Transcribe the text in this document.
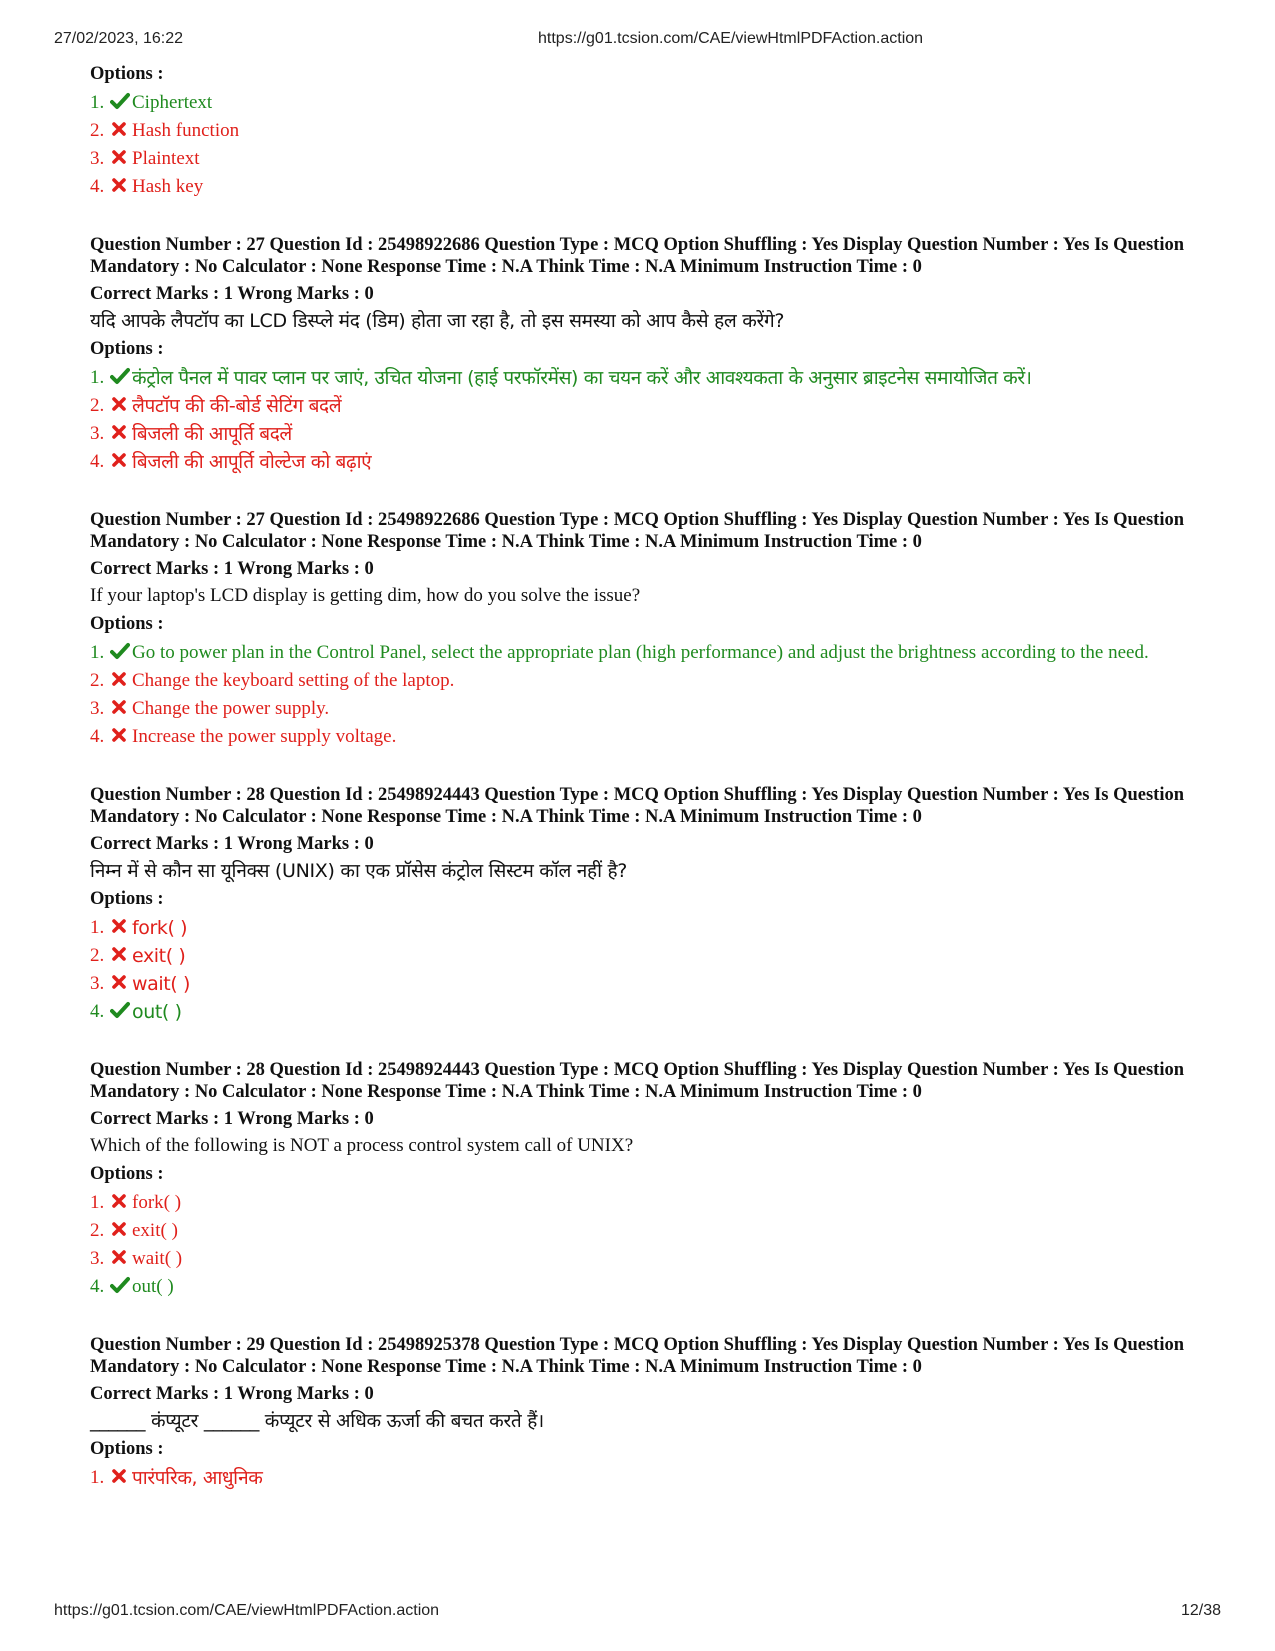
27/02/2023, 16:22	https://g01.tcsion.com/CAE/viewHtmlPDFAction.action
Options :
1.	Ciphertext
2.	Hash function
3.	Plaintext
4.	Hash key
Question Number : 27 Question Id : 25498922686 Question Type : MCQ Option Shuffling : Yes Display Question Number : Yes Is Question Mandatory : No Calculator : None Response Time : N.A Think Time : N.A Minimum Instruction Time : 0
Correct Marks : 1 Wrong Marks : 0
यदि आपके लैपटॉप का LCD डिस्प्ले मंद (डिम) होता जा रहा है, तो इस समस्या को आप कैसे हल करेंगे?
Options :
1.	कंट्रोल पैनल में पावर प्लान पर जाएं, उचित योजना (हाई परफॉरमेंस) का चयन करें और आवश्यकता के अनुसार ब्राइटनेस समायोजित करें।
2.	लैपटॉप की की-बोर्ड सेटिंग बदलें
3.	बिजली की आपूर्ति बदलें
4.	बिजली की आपूर्ति वोल्टेज को बढ़ाएं
Question Number : 27 Question Id : 25498922686 Question Type : MCQ Option Shuffling : Yes Display Question Number : Yes Is Question Mandatory : No Calculator : None Response Time : N.A Think Time : N.A Minimum Instruction Time : 0
Correct Marks : 1 Wrong Marks : 0
If your laptop's LCD display is getting dim, how do you solve the issue?
Options :
1.	Go to power plan in the Control Panel, select the appropriate plan (high performance) and adjust the brightness according to the need.
2.	Change the keyboard setting of the laptop.
3.	Change the power supply.
4.	Increase the power supply voltage.
Question Number : 28 Question Id : 25498924443 Question Type : MCQ Option Shuffling : Yes Display Question Number : Yes Is Question Mandatory : No Calculator : None Response Time : N.A Think Time : N.A Minimum Instruction Time : 0
Correct Marks : 1 Wrong Marks : 0
निम्न में से कौन सा यूनिक्स (UNIX) का एक प्रॉसेस कंट्रोल सिस्टम कॉल नहीं है?
Options :
1.	fork( )
2.	exit( )
3.	wait( )
4.	out( )
Question Number : 28 Question Id : 25498924443 Question Type : MCQ Option Shuffling : Yes Display Question Number : Yes Is Question Mandatory : No Calculator : None Response Time : N.A Think Time : N.A Minimum Instruction Time : 0
Correct Marks : 1 Wrong Marks : 0
Which of the following is NOT a process control system call of UNIX?
Options :
1.	fork( )
2.	exit( )
3.	wait( )
4.	out( )
Question Number : 29 Question Id : 25498925378 Question Type : MCQ Option Shuffling : Yes Display Question Number : Yes Is Question Mandatory : No Calculator : None Response Time : N.A Think Time : N.A Minimum Instruction Time : 0
Correct Marks : 1 Wrong Marks : 0
______ कंप्यूटर ______ कंप्यूटर से अधिक ऊर्जा की बचत करते हैं।
Options :
1.	पारंपरिक, आधुनिक
https://g01.tcsion.com/CAE/viewHtmlPDFAction.action	12/38
